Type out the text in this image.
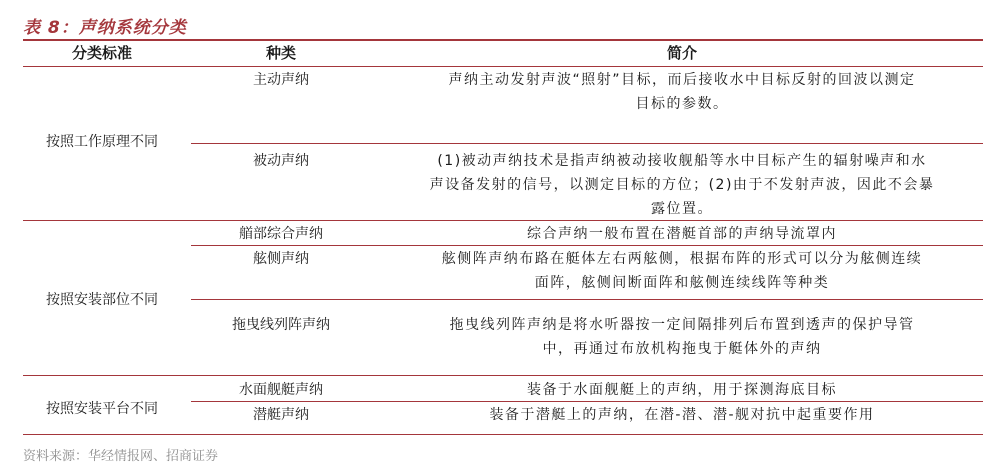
表 8：声纳系统分类
分类标准	种类	简介
按照工作原理不同
主动声纳	声纳主动发射声波“照射”目标，而后接收水中目标反射的回波以测定
目标的参数。
被动声纳	(1)被动声纳技术是指声纳被动接收舰船等水中目标产生的辐射噪声和水
声设备发射的信号，以测定目标的方位；(2)由于不发射声波，因此不会暴
露位置。
按照安装部位不同
艏部综合声纳	综合声纳一般布置在潜艇首部的声纳导流罩内
舷侧声纳	舷侧阵声纳布路在艇体左右两舷侧，根据布阵的形式可以分为舷侧连续
面阵，舷侧间断面阵和舷侧连续线阵等种类
拖曳线列阵声纳	拖曳线列阵声纳是将水听器按一定间隔排列后布置到透声的保护导管
中，再通过布放机构拖曳于艇体外的声纳
按照安装平台不同
水面舰艇声纳	装备于水面舰艇上的声纳，用于探测海底目标
潜艇声纳	装备于潜艇上的声纳，在潜-潜、潜-舰对抗中起重要作用
资料来源：华经情报网、招商证券
